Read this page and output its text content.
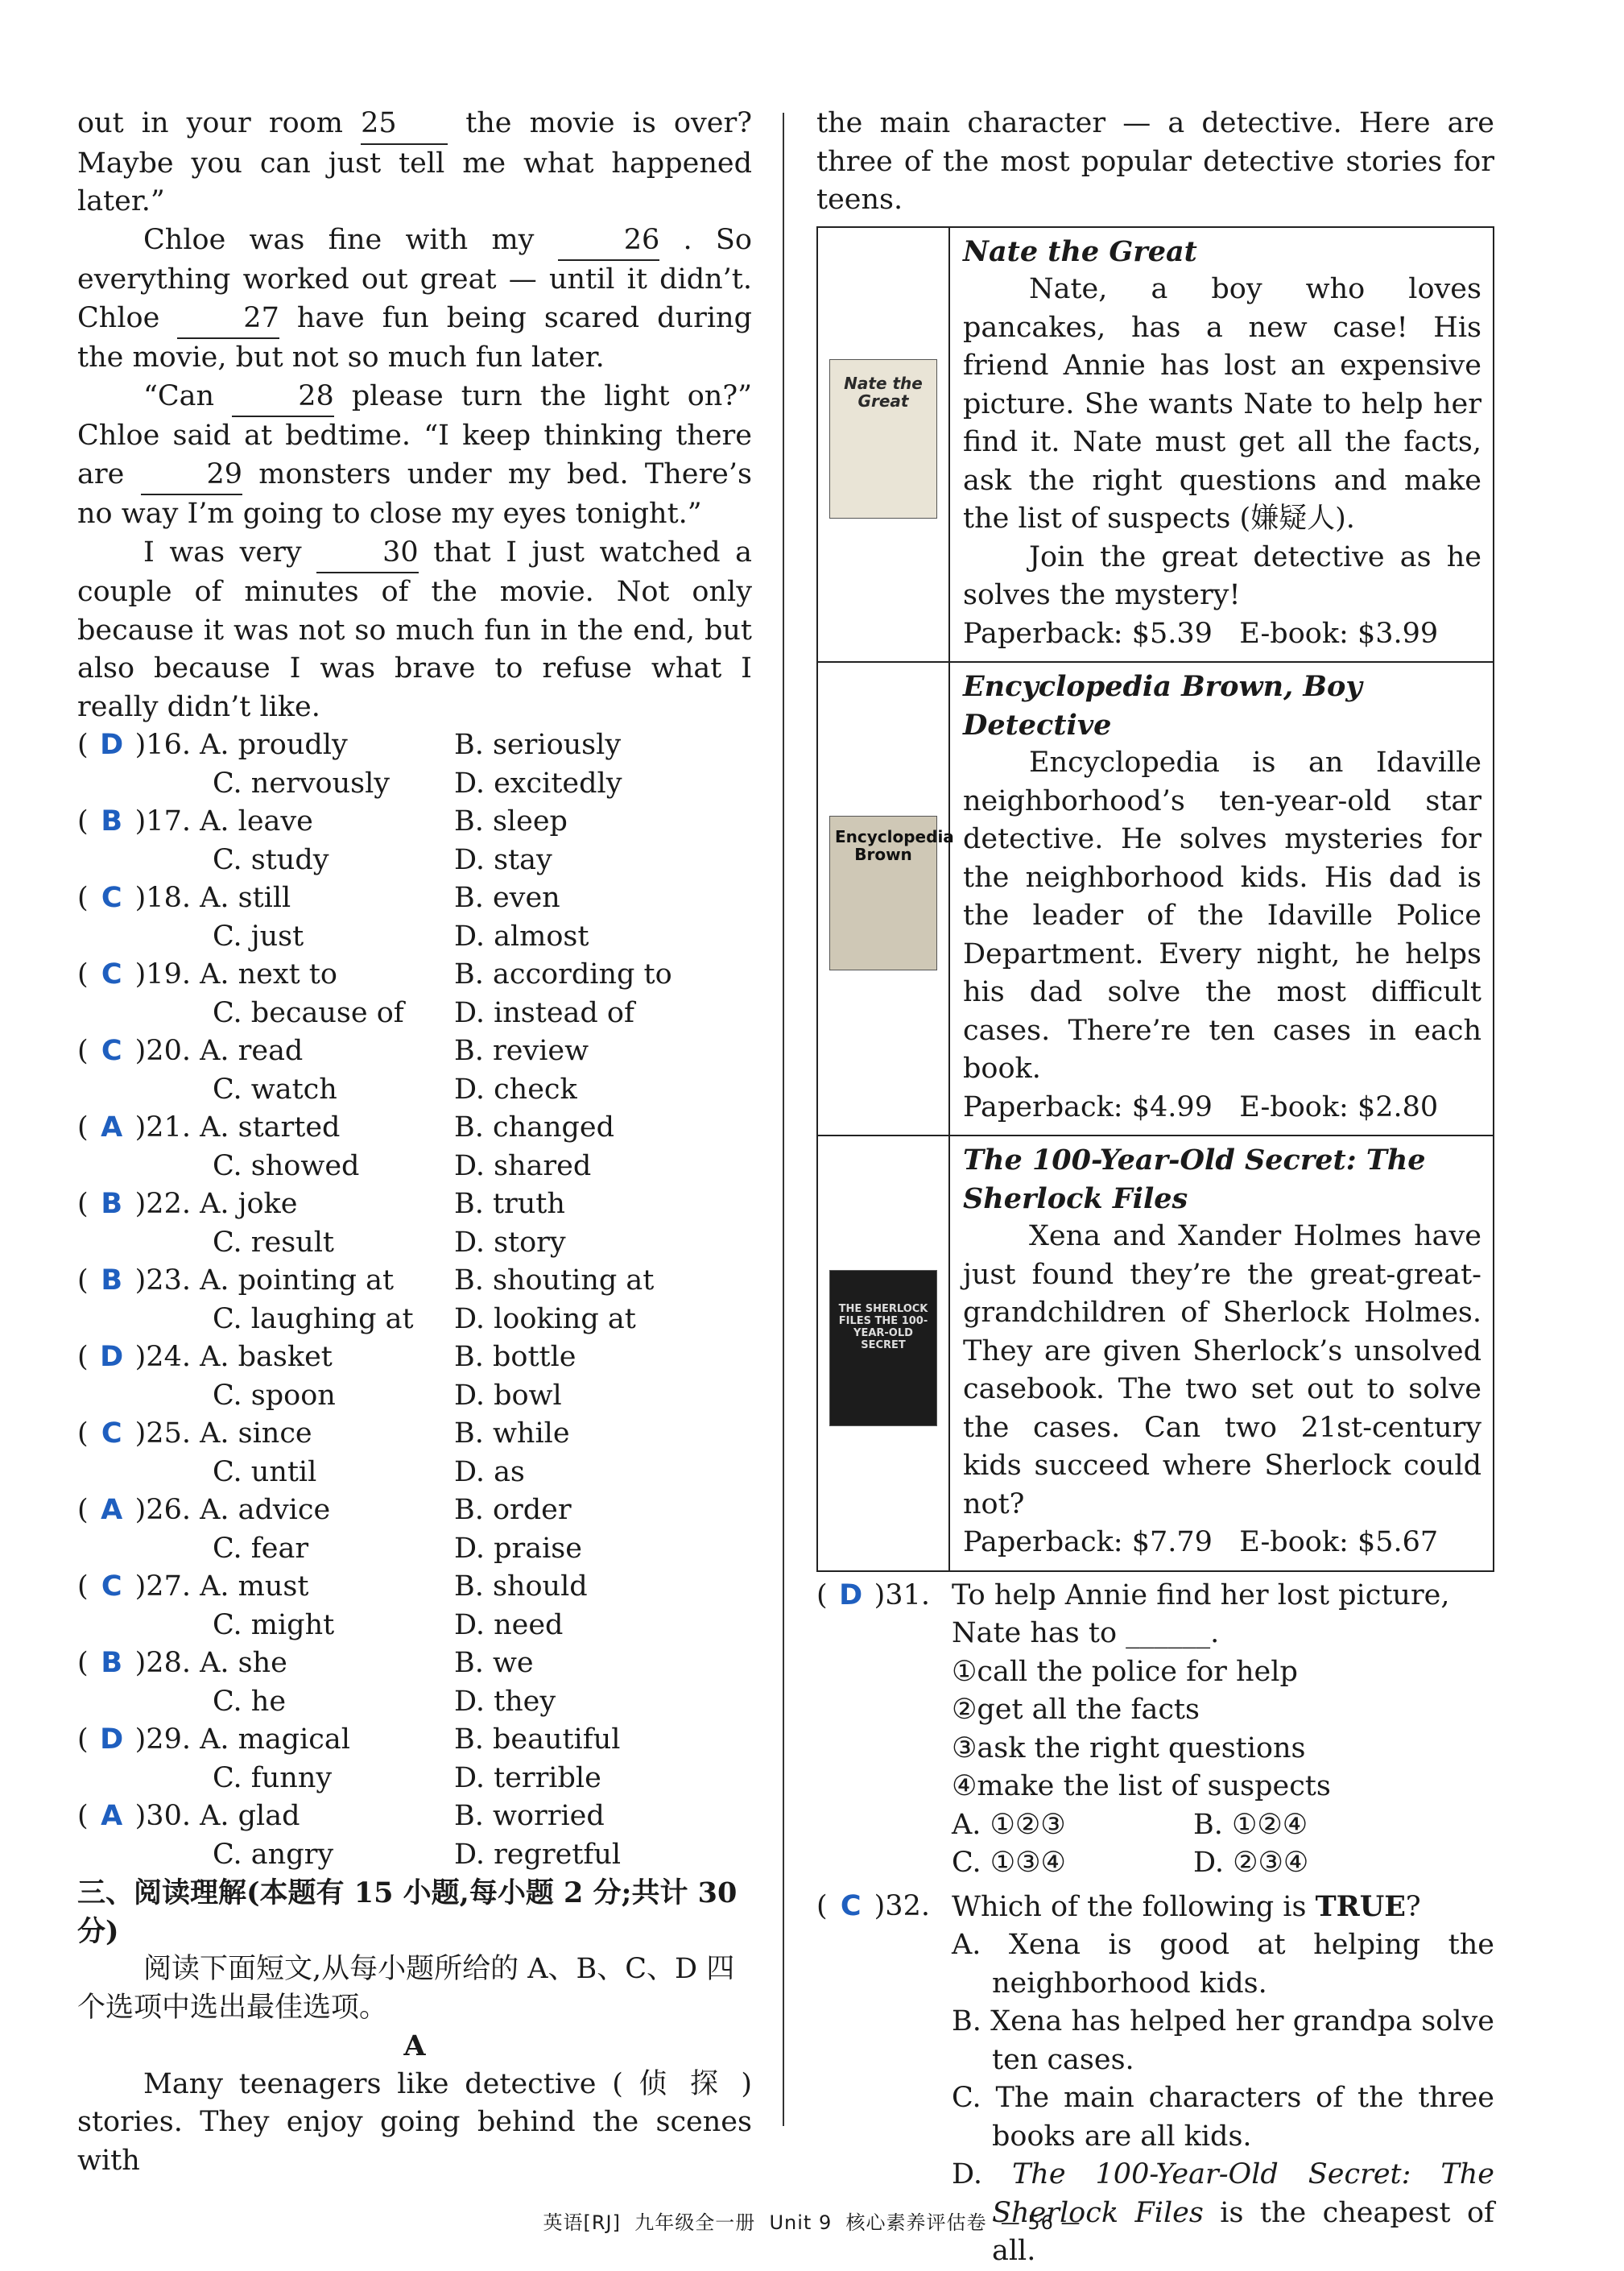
out in your room 25 the movie is over? Maybe you can just tell me what happened later.”

Chloe was fine with my	26 . So everything worked out great — until it didn’t. Chloe	27 have fun being scared during the movie, but not so much fun later.

“Can	28 please turn the light on?” Chloe said at bedtime. “I keep thinking there are	29 monsters under my bed. There’s no way I’m going to close my eyes tonight.”

I was very	30 that I just watched a couple of minutes of the movie. Not only because it was not so much fun in the end, but also because I was brave to refuse what I really didn’t like.

( D )16. A. proudly	B. seriously
C. nervously	D. excitedly
( B )17. A. leave	B. sleep
C. study	D. stay
( C )18. A. still	B. even
C. just	D. almost
( C )19. A. next to	B. according to
C. because of	D. instead of
( C )20. A. read	B. review
C. watch	D. check
( A )21. A. started	B. changed
C. showed	D. shared
( B )22. A. joke	B. truth
C. result	D. story
( B )23. A. pointing at	B. shouting at
C. laughing at	D. looking at
( D )24. A. basket	B. bottle
C. spoon	D. bowl
( C )25. A. since	B. while
C. until	D. as
( A )26. A. advice	B. order
C. fear	D. praise
( C )27. A. must	B. should
C. might	D. need
( B )28. A. she	B. we
C. he	D. they
( D )29. A. magical	B. beautiful
C. funny	D. terrible
( A )30. A. glad	B. worried
C. angry	D. regretful

三、阅读理解(本题有 15 小题,每小题 2 分;共计 30 分)

阅读下面短文,从每小题所给的 A、B、C、D 四个选项中选出最佳选项。

A

Many teenagers like detective ( 侦 探 ) stories. They enjoy going behind the scenes with

the main character — a detective. Here are three of the most popular detective stories for teens.

Nate the Great	Nate the Great

Nate, a boy who loves pancakes, has a new case! His friend Annie has lost an expensive picture. She wants Nate to help her find it. Nate must get all the facts, ask the right questions and make the list of suspects (嫌疑人).

Join the great detective as he solves the mystery!

Paperback: $5.39   E-book: $3.99

Encyclopedia Brown	Encyclopedia Brown, Boy Detective

Encyclopedia is an Idaville neighborhood’s ten-year-old star detective. He solves mysteries for the neighborhood kids. His dad is the leader of the Idaville Police Department. Every night, he helps his dad solve the most difficult cases. There’re ten cases in each book.

Paperback: $4.99   E-book: $2.80

THE SHERLOCK FILES THE 100-YEAR-OLD SECRET	The 100-Year-Old Secret: The Sherlock Files

Xena and Xander Holmes have just found they’re the great-great-grandchildren of Sherlock Holmes. They are given Sherlock’s unsolved casebook. The two set out to solve the cases. Can two 21st-century kids succeed where Sherlock could not?

Paperback: $7.79   E-book: $5.67

( D )31. To help Annie find her lost picture, Nate has to ______.
①call the police for help
②get all the facts
③ask the right questions
④make the list of suspects
A. ①②③	B. ①②④
C. ①③④	D. ②③④
( C )32. Which of the following is TRUE?
A. Xena is good at helping the neighborhood kids.
B. Xena has helped her grandpa solve ten cases.
C. The main characters of the three books are all kids.
D. The 100-Year-Old Secret: The Sherlock Files is the cheapest of all.
英语[RJ]  九年级全一册  Unit 9  核心素养评估卷  — 56 —
